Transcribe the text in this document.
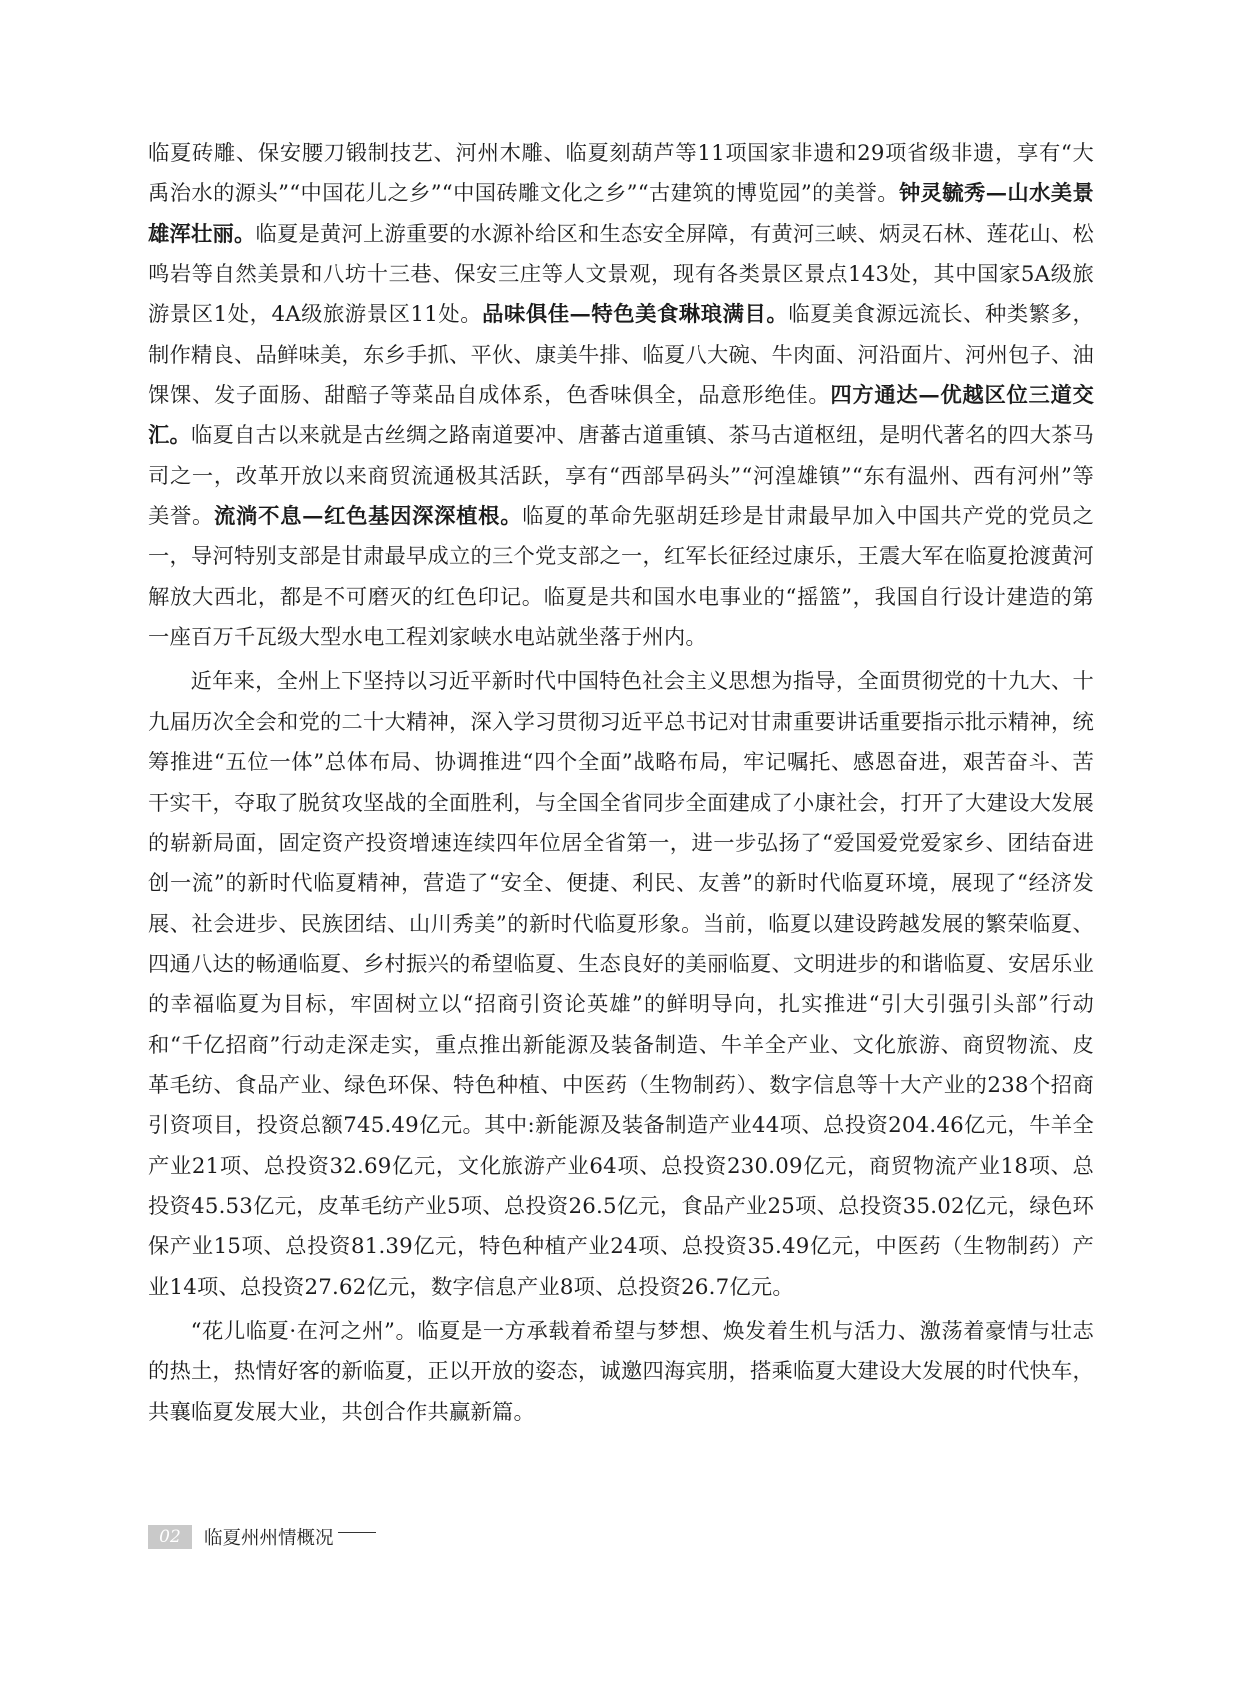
临夏砖雕、保安腰刀锻制技艺、河州木雕、临夏刻葫芦等11项国家非遗和29项省级非遗，享有“大禹治水的源头”“中国花儿之乡”“中国砖雕文化之乡”“古建筑的博览园”的美誉。钟灵毓秀—山水美景雄浑壮丽。临夏是黄河上游重要的水源补给区和生态安全屏障，有黄河三峡、炳灵石林、莲花山、松鸣岩等自然美景和八坊十三巷、保安三庄等人文景观，现有各类景区景点143处，其中国家5A级旅游景区1处，4A级旅游景区11处。品味俱佳—特色美食琳琅满目。临夏美食源远流长、种类繁多，制作精良、品鲜味美，东乡手抓、平伙、康美牛排、临夏八大碗、牛肉面、河沿面片、河州包子、油馃馃、发子面肠、甜醅子等菜品自成体系，色香味俱全，品意形绝佳。四方通达—优越区位三道交汇。临夏自古以来就是古丝绸之路南道要冲、唐蕃古道重镇、茶马古道枢纽，是明代著名的四大茶马司之一，改革开放以来商贸流通极其活跃，享有“西部旱码头”“河湟雄镇”“东有温州、西有河州”等美誉。流淌不息—红色基因深深植根。临夏的革命先驱胡廷珍是甘肃最早加入中国共产党的党员之一，导河特别支部是甘肃最早成立的三个党支部之一，红军长征经过康乐，王震大军在临夏抢渡黄河解放大西北，都是不可磨灭的红色印记。临夏是共和国水电事业的“摇篮”，我国自行设计建造的第一座百万千瓦级大型水电工程刘家峡水电站就坐落于州内。

近年来，全州上下坚持以习近平新时代中国特色社会主义思想为指导，全面贯彻党的十九大、十九届历次全会和党的二十大精神，深入学习贯彻习近平总书记对甘肃重要讲话重要指示批示精神，统筹推进“五位一体”总体布局、协调推进“四个全面”战略布局，牢记嘱托、感恩奋进，艰苦奋斗、苦干实干，夺取了脱贫攻坚战的全面胜利，与全国全省同步全面建成了小康社会，打开了大建设大发展的崭新局面，固定资产投资增速连续四年位居全省第一，进一步弘扬了“爱国爱党爱家乡、团结奋进创一流”的新时代临夏精神，营造了“安全、便捷、利民、友善”的新时代临夏环境，展现了“经济发展、社会进步、民族团结、山川秀美”的新时代临夏形象。当前，临夏以建设跨越发展的繁荣临夏、四通八达的畅通临夏、乡村振兴的希望临夏、生态良好的美丽临夏、文明进步的和谐临夏、安居乐业的幸福临夏为目标，牢固树立以“招商引资论英雄”的鲜明导向，扎实推进“引大引强引头部”行动和“千亿招商”行动走深走实，重点推出新能源及装备制造、牛羊全产业、文化旅游、商贸物流、皮革毛纺、食品产业、绿色环保、特色种植、中医药（生物制药）、数字信息等十大产业的238个招商引资项目，投资总额745.49亿元。其中:新能源及装备制造产业44项、总投资204.46亿元，牛羊全产业21项、总投资32.69亿元，文化旅游产业64项、总投资230.09亿元，商贸物流产业18项、总投资45.53亿元，皮革毛纺产业5项、总投资26.5亿元，食品产业25项、总投资35.02亿元，绿色环保产业15项、总投资81.39亿元，特色种植产业24项、总投资35.49亿元，中医药（生物制药）产业14项、总投资27.62亿元，数字信息产业8项、总投资26.7亿元。

“花儿临夏·在河之州”。临夏是一方承载着希望与梦想、焕发着生机与活力、激荡着豪情与壮志的热土，热情好客的新临夏，正以开放的姿态，诚邀四海宾朋，搭乘临夏大建设大发展的时代快车，共襄临夏发展大业，共创合作共赢新篇。

02	临夏州州情概况
